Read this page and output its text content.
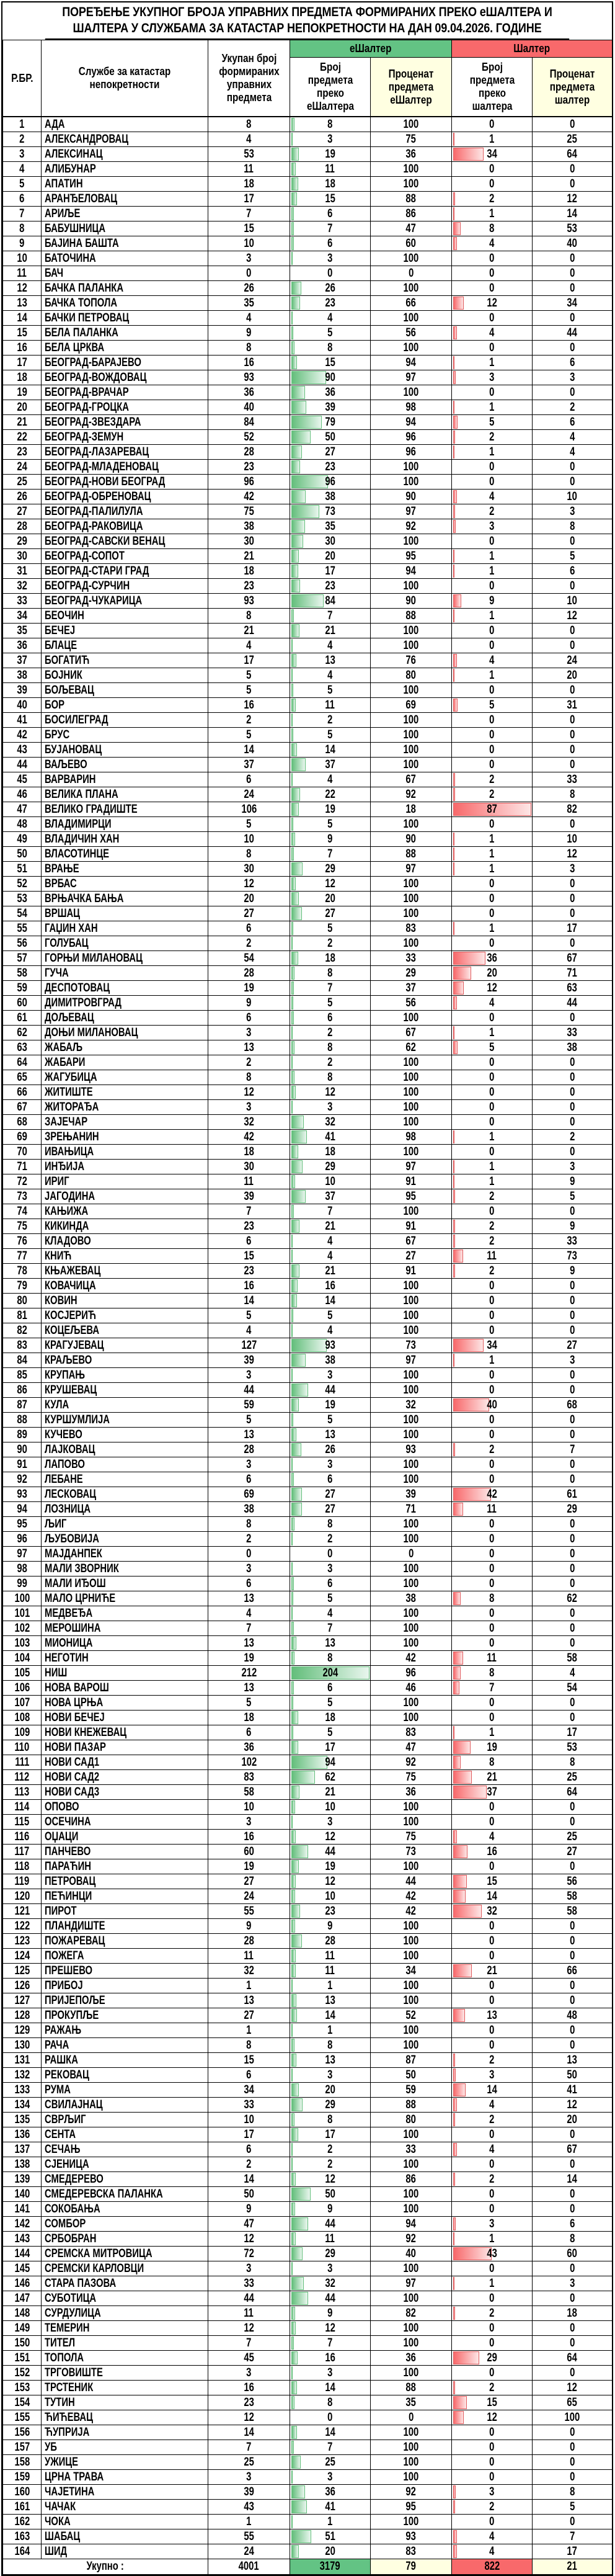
ПОРЕЂЕЊЕ УКУПНОГ БРОЈА УПРАВНИХ ПРЕДМЕТА ФОРМИРАНИХ ПРЕКО еШАЛТЕРА И
ШАЛТЕРА У СЛУЖБАМА ЗА КАТАСТАР НЕПОКРЕТНОСТИ НА ДАН 09.04.2026. ГОДИНЕ
Р.БР.	Службе за катастар непокретности	Укупан број формираних управних предмета	еШалтер		Шалтер	
			Број предмета преко еШалтера	Проценат предмета еШалтер	Број предмета преко шалтера	Проценат предмета шалтер
1	АДА	8	8	100	0	0
2	АЛЕКСАНДРОВАЦ	4	3	75	1	25
3	АЛЕКСИНАЦ	53	19	36	34	64
4	АЛИБУНАР	11	11	100	0	0
5	АПАТИН	18	18	100	0	0
6	АРАНЂЕЛОВАЦ	17	15	88	2	12
7	АРИЉЕ	7	6	86	1	14
8	БАБУШНИЦА	15	7	47	8	53
9	БАЈИНА БАШТА	10	6	60	4	40
10	БАТОЧИНА	3	3	100	0	0
11	БАЧ	0	0	0	0	0
12	БАЧКА ПАЛАНКА	26	26	100	0	0
13	БАЧКА ТОПОЛА	35	23	66	12	34
14	БАЧКИ ПЕТРОВАЦ	4	4	100	0	0
15	БЕЛА ПАЛАНКА	9	5	56	4	44
16	БЕЛА ЦРКВА	8	8	100	0	0
17	БЕОГРАД-БАРАЈЕВО	16	15	94	1	6
18	БЕОГРАД-ВОЖДОВАЦ	93	90	97	3	3
19	БЕОГРАД-ВРАЧАР	36	36	100	0	0
20	БЕОГРАД-ГРОЦКА	40	39	98	1	2
21	БЕОГРАД-ЗВЕЗДАРА	84	79	94	5	6
22	БЕОГРАД-ЗЕМУН	52	50	96	2	4
23	БЕОГРАД-ЛАЗАРЕВАЦ	28	27	96	1	4
24	БЕОГРАД-МЛАДЕНОВАЦ	23	23	100	0	0
25	БЕОГРАД-НОВИ БЕОГРАД	96	96	100	0	0
26	БЕОГРАД-ОБРЕНОВАЦ	42	38	90	4	10
27	БЕОГРАД-ПАЛИЛУЛА	75	73	97	2	3
28	БЕОГРАД-РАКОВИЦА	38	35	92	3	8
29	БЕОГРАД-САВСКИ ВЕНАЦ	30	30	100	0	0
30	БЕОГРАД-СОПОТ	21	20	95	1	5
31	БЕОГРАД-СТАРИ ГРАД	18	17	94	1	6
32	БЕОГРАД-СУРЧИН	23	23	100	0	0
33	БЕОГРАД-ЧУКАРИЦА	93	84	90	9	10
34	БЕОЧИН	8	7	88	1	12
35	БЕЧЕЈ	21	21	100	0	0
36	БЛАЦЕ	4	4	100	0	0
37	БОГАТИЋ	17	13	76	4	24
38	БОЈНИК	5	4	80	1	20
39	БОЉЕВАЦ	5	5	100	0	0
40	БОР	16	11	69	5	31
41	БОСИЛЕГРАД	2	2	100	0	0
42	БРУС	5	5	100	0	0
43	БУЈАНОВАЦ	14	14	100	0	0
44	ВАЉЕВО	37	37	100	0	0
45	ВАРВАРИН	6	4	67	2	33
46	ВЕЛИКА ПЛАНА	24	22	92	2	8
47	ВЕЛИКО ГРАДИШТЕ	106	19	18	87	82
48	ВЛАДИМИРЦИ	5	5	100	0	0
49	ВЛАДИЧИН ХАН	10	9	90	1	10
50	ВЛАСОТИНЦЕ	8	7	88	1	12
51	ВРАЊЕ	30	29	97	1	3
52	ВРБАС	12	12	100	0	0
53	ВРЊАЧКА БАЊА	20	20	100	0	0
54	ВРШАЦ	27	27	100	0	0
55	ГАЏИН ХАН	6	5	83	1	17
56	ГОЛУБАЦ	2	2	100	0	0
57	ГОРЊИ МИЛАНОВАЦ	54	18	33	36	67
58	ГУЧА	28	8	29	20	71
59	ДЕСПОТОВАЦ	19	7	37	12	63
60	ДИМИТРОВГРАД	9	5	56	4	44
61	ДОЉЕВАЦ	6	6	100	0	0
62	ДОЊИ МИЛАНОВАЦ	3	2	67	1	33
63	ЖАБАЉ	13	8	62	5	38
64	ЖАБАРИ	2	2	100	0	0
65	ЖАГУБИЦА	8	8	100	0	0
66	ЖИТИШТЕ	12	12	100	0	0
67	ЖИТОРАЂА	3	3	100	0	0
68	ЗАЈЕЧАР	32	32	100	0	0
69	ЗРЕЊАНИН	42	41	98	1	2
70	ИВАЊИЦА	18	18	100	0	0
71	ИНЂИЈА	30	29	97	1	3
72	ИРИГ	11	10	91	1	9
73	ЈАГОДИНА	39	37	95	2	5
74	КАЊИЖА	7	7	100	0	0
75	КИКИНДА	23	21	91	2	9
76	КЛАДОВО	6	4	67	2	33
77	КНИЋ	15	4	27	11	73
78	КЊАЖЕВАЦ	23	21	91	2	9
79	КОВАЧИЦА	16	16	100	0	0
80	КОВИН	14	14	100	0	0
81	КОСЈЕРИЋ	5	5	100	0	0
82	КОЦЕЉЕВА	4	4	100	0	0
83	КРАГУЈЕВАЦ	127	93	73	34	27
84	КРАЉЕВО	39	38	97	1	3
85	КРУПАЊ	3	3	100	0	0
86	КРУШЕВАЦ	44	44	100	0	0
87	КУЛА	59	19	32	40	68
88	КУРШУМЛИЈА	5	5	100	0	0
89	КУЧЕВО	13	13	100	0	0
90	ЛАЈКОВАЦ	28	26	93	2	7
91	ЛАПОВО	3	3	100	0	0
92	ЛЕБАНЕ	6	6	100	0	0
93	ЛЕСКОВАЦ	69	27	39	42	61
94	ЛОЗНИЦА	38	27	71	11	29
95	ЉИГ	8	8	100	0	0
96	ЉУБОВИЈА	2	2	100	0	0
97	МАЈДАНПЕК	0	0	0	0	0
98	МАЛИ ЗВОРНИК	3	3	100	0	0
99	МАЛИ ИЂОШ	6	6	100	0	0
100	МАЛО ЦРНИЋЕ	13	5	38	8	62
101	МЕДВЕЂА	4	4	100	0	0
102	МЕРОШИНА	7	7	100	0	0
103	МИОНИЦА	13	13	100	0	0
104	НЕГОТИН	19	8	42	11	58
105	НИШ	212	204	96	8	4
106	НОВА ВАРОШ	13	6	46	7	54
107	НОВА ЦРЊА	5	5	100	0	0
108	НОВИ БЕЧЕЈ	18	18	100	0	0
109	НОВИ КНЕЖЕВАЦ	6	5	83	1	17
110	НОВИ ПАЗАР	36	17	47	19	53
111	НОВИ САД1	102	94	92	8	8
112	НОВИ САД2	83	62	75	21	25
113	НОВИ САД3	58	21	36	37	64
114	ОПОВО	10	10	100	0	0
115	ОСЕЧИНА	3	3	100	0	0
116	ОЏАЦИ	16	12	75	4	25
117	ПАНЧЕВО	60	44	73	16	27
118	ПАРАЋИН	19	19	100	0	0
119	ПЕТРОВАЦ	27	12	44	15	56
120	ПЕЋИНЦИ	24	10	42	14	58
121	ПИРОТ	55	23	42	32	58
122	ПЛАНДИШТЕ	9	9	100	0	0
123	ПОЖАРЕВАЦ	28	28	100	0	0
124	ПОЖЕГА	11	11	100	0	0
125	ПРЕШЕВО	32	11	34	21	66
126	ПРИБОЈ	1	1	100	0	0
127	ПРИЈЕПОЉЕ	13	13	100	0	0
128	ПРОКУПЉЕ	27	14	52	13	48
129	РАЖАЊ	1	1	100	0	0
130	РАЧА	8	8	100	0	0
131	РАШКА	15	13	87	2	13
132	РЕКОВАЦ	6	3	50	3	50
133	РУМА	34	20	59	14	41
134	СВИЛАЈНАЦ	33	29	88	4	12
135	СВРЉИГ	10	8	80	2	20
136	СЕНТА	17	17	100	0	0
137	СЕЧАЊ	6	2	33	4	67
138	СЈЕНИЦА	2	2	100	0	0
139	СМЕДЕРЕВО	14	12	86	2	14
140	СМЕДЕРЕВСКА ПАЛАНКА	50	50	100	0	0
141	СОКОБАЊА	9	9	100	0	0
142	СОМБОР	47	44	94	3	6
143	СРБОБРАН	12	11	92	1	8
144	СРЕМСКА МИТРОВИЦА	72	29	40	43	60
145	СРЕМСКИ КАРЛОВЦИ	3	3	100	0	0
146	СТАРА ПАЗОВА	33	32	97	1	3
147	СУБОТИЦА	44	44	100	0	0
148	СУРДУЛИЦА	11	9	82	2	18
149	ТЕМЕРИН	12	12	100	0	0
150	ТИТЕЛ	7	7	100	0	0
151	ТОПОЛА	45	16	36	29	64
152	ТРГОВИШТЕ	3	3	100	0	0
153	ТРСТЕНИК	16	14	88	2	12
154	ТУТИН	23	8	35	15	65
155	ЋИЋЕВАЦ	12	0	0	12	100
156	ЋУПРИЈА	14	14	100	0	0
157	УБ	7	7	100	0	0
158	УЖИЦЕ	25	25	100	0	0
159	ЦРНА ТРАВА	3	3	100	0	0
160	ЧАЈЕТИНА	39	36	92	3	8
161	ЧАЧАК	43	41	95	2	5
162	ЧОКА	1	1	100	0	0
163	ШАБАЦ	55	51	93	4	7
164	ШИД	24	20	83	4	17
Укупно :		4001	3179	79	822	21
